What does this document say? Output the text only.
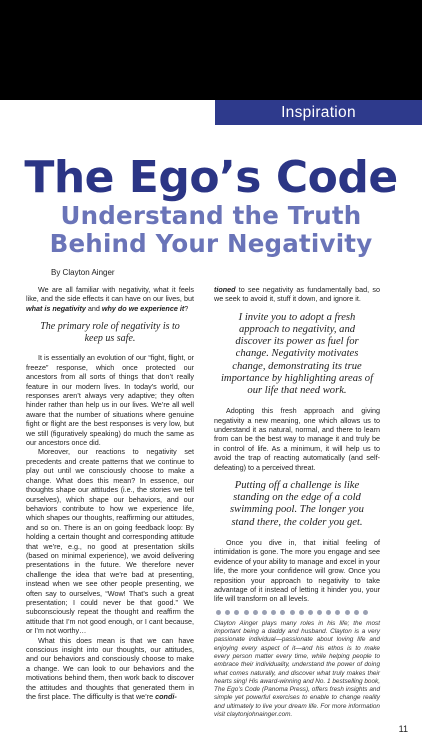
Inspiration
The Ego’s Code
Understand the Truth
Behind Your Negativity
By Clayton Ainger

We are all familiar with negativity, what it feels like, and the side effects it can have on our lives, but what is negativity and why do we experience it?

The primary role of negativity is to keep us safe.

It is essentially an evolution of our “fight, flight, or freeze” response, which once protected our ancestors from all sorts of things that don’t really feature in our modern lives. In today’s world, our responses aren’t always very adaptive; they often hinder rather than help us in our lives. We’re all well aware that the number of situations where genuine fight or flight are the best responses is very low, but we still (figuratively speaking) do much the same as our ancestors once did.

Moreover, our reactions to negativity set precedents and create patterns that we continue to play out until we consciously choose to make a change. What does this mean? In essence, our thoughts shape our attitudes (i.e., the stories we tell ourselves), which shape our behaviors, and our behaviors contribute to how we experience life, which shapes our thoughts, reaffirming our attitudes, and so on. There is an on going feedback loop: By holding a certain thought and corresponding attitude that we’re, e.g., no good at presentation skills (based on minimal experience), we avoid delivering presentations in the future. We therefore never challenge the idea that we’re bad at presenting, instead when we see other people presenting, we often say to ourselves, “Wow! That’s such a great presentation; I could never be that good.” We subconsciously repeat the thought and reaffirm the attitude that I’m not good enough, or I cant because, or I’m not worthy…

What this does mean is that we can have conscious insight into our thoughts, our attitudes, and our behaviors and consciously choose to make a change. We can look to our behaviors and the motivations behind them, then work back to discover the attitudes and thoughts that generated them in the first place. The difficulty is that we’re condi-

tioned to see negativity as fundamentally bad, so we seek to avoid it, stuff it down, and ignore it.

I invite you to adopt a fresh approach to negativity, and discover its power as fuel for change. Negativity motivates change, demonstrating its true importance by highlighting areas of our life that need work.

Adopting this fresh approach and giving negativity a new meaning, one which allows us to understand it as natural, normal, and there to learn from can be the best way to manage it and truly be in control of life. As a minimum, it will help us to avoid the trap of reacting automatically (and self-defeating) to a perceived threat.

Putting off a challenge is like standing on the edge of a cold swimming pool. The longer you stand there, the colder you get.

Once you dive in, that initial feeling of intimidation is gone. The more you engage and see evidence of your ability to manage and excel in your life, the more your confidence will grow. Once you reposition your approach to negativity to take advantage of it instead of letting it hinder you, your life will transform on all levels.

Clayton Ainger plays many roles in his life; the most important being a daddy and husband. Clayton is a very passionate individual—passionate about loving life and enjoying every aspect of it—and his ethos is to make every person matter every time, while helping people to embrace their individuality, understand the power of doing what comes naturally, and discover what truly makes their hearts sing! His award-winning and No. 1 bestselling book, The Ego’s Code (Panoma Press), offers fresh insights and simple yet powerful exercises to enable to change reality and ultimately to live your dream life. For more information visit claytonjohnainger.com.
11
